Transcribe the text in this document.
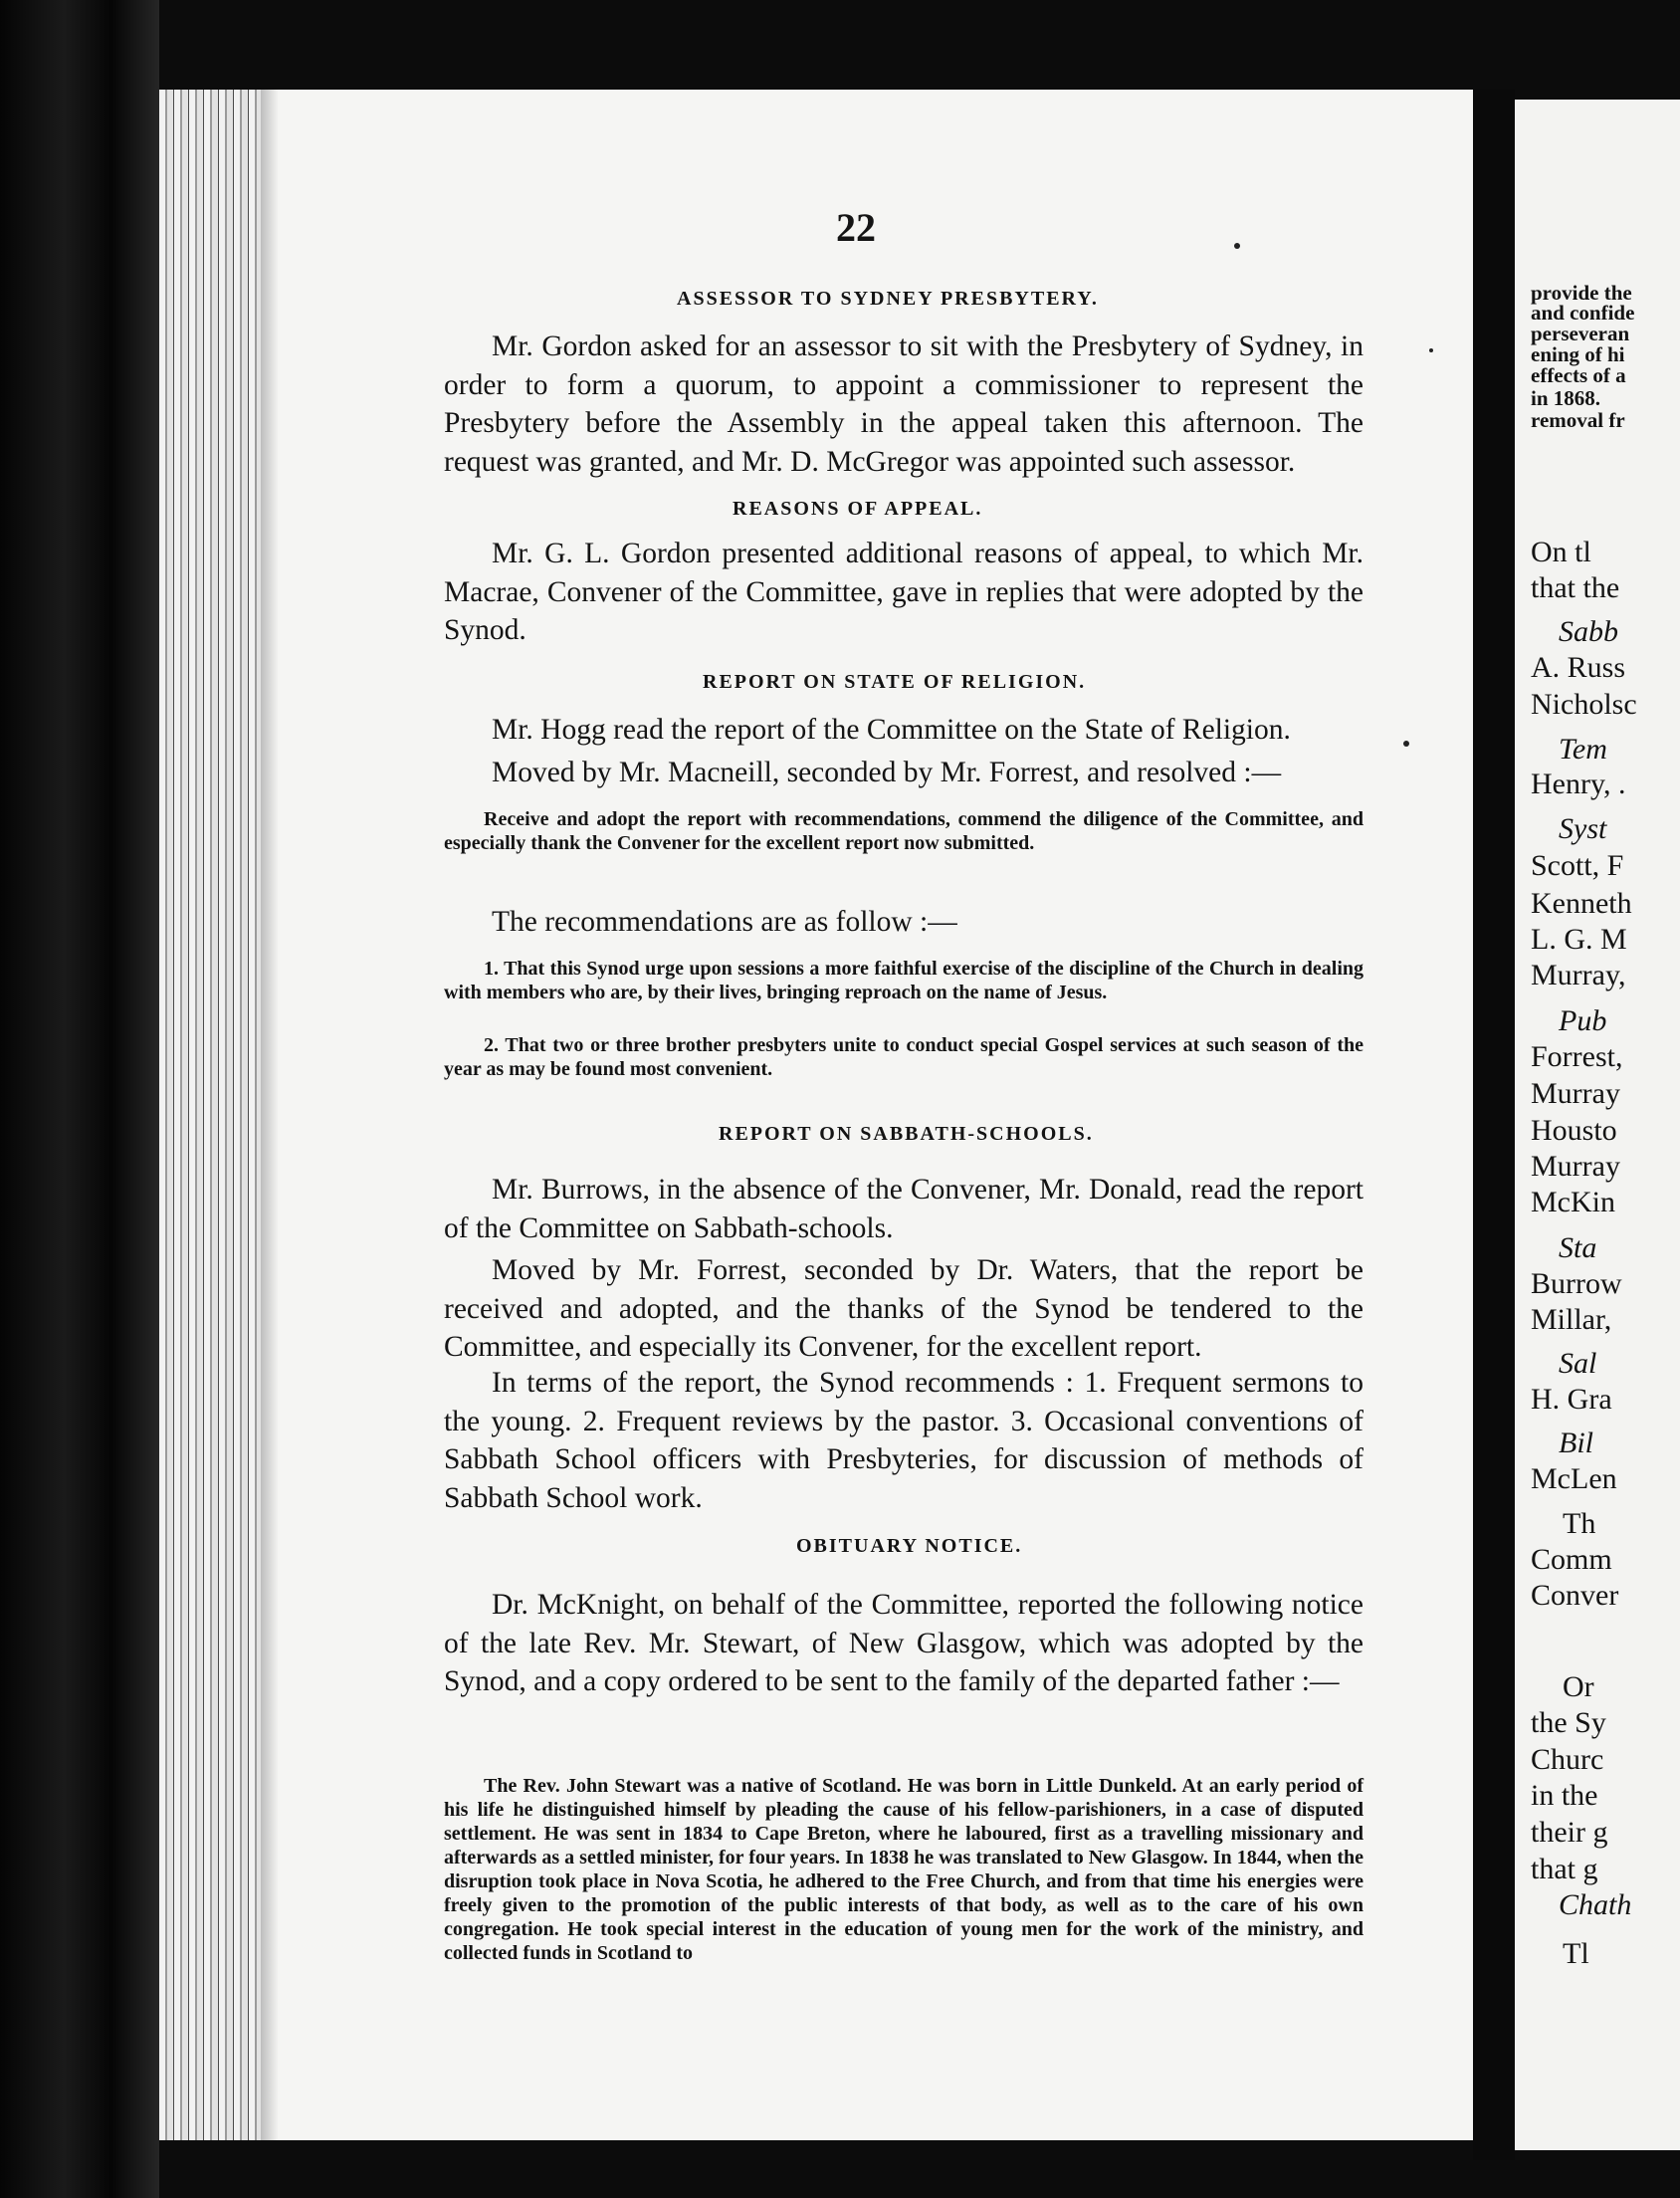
provide the
and confide
perseveran
ening of hi
effects of a
in 1868.
removal fr
On tl
that the
Sabb
A. Russ
Nicholsc
Tem
Henry, .
Syst
Scott, F
Kenneth
L. G. M
Murray,
Pub
Forrest,
Murray
Housto
Murray
McKin
Sta
Burrow
Millar,
Sal
H. Gra
Bil
McLen
Th
Comm
Conver
Or
the Sy
Churc
in the
their g
that g
Chath
Tl
22
ASSESSOR TO SYDNEY PRESBYTERY.
Mr. Gordon asked for an assessor to sit with the Presbytery of Sydney, in order to form a quorum, to appoint a commissioner to represent the Presbytery before the Assembly in the appeal taken this afternoon. The request was granted, and Mr. D. McGregor was appointed such assessor.
REASONS OF APPEAL.
Mr. G. L. Gordon presented additional reasons of appeal, to which Mr. Macrae, Convener of the Committee, gave in replies that were adopted by the Synod.
REPORT ON STATE OF RELIGION.
Mr. Hogg read the report of the Committee on the State of Religion.
Moved by Mr. Macneill, seconded by Mr. Forrest, and resolved :—
Receive and adopt the report with recommendations, commend the diligence of the Committee, and especially thank the Convener for the excellent report now submitted.
The recommendations are as follow :—
1. That this Synod urge upon sessions a more faithful exercise of the discipline of the Church in dealing with members who are, by their lives, bringing reproach on the name of Jesus.
2. That two or three brother presbyters unite to conduct special Gospel services at such season of the year as may be found most convenient.
REPORT ON SABBATH-SCHOOLS.
Mr. Burrows, in the absence of the Convener, Mr. Donald, read the report of the Committee on Sabbath-schools.
Moved by Mr. Forrest, seconded by Dr. Waters, that the report be received and adopted, and the thanks of the Synod be tendered to the Committee, and especially its Convener, for the excellent report.
In terms of the report, the Synod recommends : 1. Frequent sermons to the young. 2. Frequent reviews by the pastor. 3. Occasional conventions of Sabbath School officers with Presbyteries, for discussion of methods of Sabbath School work.
OBITUARY NOTICE.
Dr. McKnight, on behalf of the Committee, reported the following notice of the late Rev. Mr. Stewart, of New Glasgow, which was adopted by the Synod, and a copy ordered to be sent to the family of the departed father :—
The Rev. John Stewart was a native of Scotland. He was born in Little Dunkeld. At an early period of his life he distinguished himself by pleading the cause of his fellow-parishioners, in a case of disputed settlement. He was sent in 1834 to Cape Breton, where he laboured, first as a travelling missionary and afterwards as a settled minister, for four years. In 1838 he was translated to New Glasgow. In 1844, when the disruption took place in Nova Scotia, he adhered to the Free Church, and from that time his energies were freely given to the promotion of the public interests of that body, as well as to the care of his own congregation. He took special interest in the education of young men for the work of the ministry, and collected funds in Scotland to
